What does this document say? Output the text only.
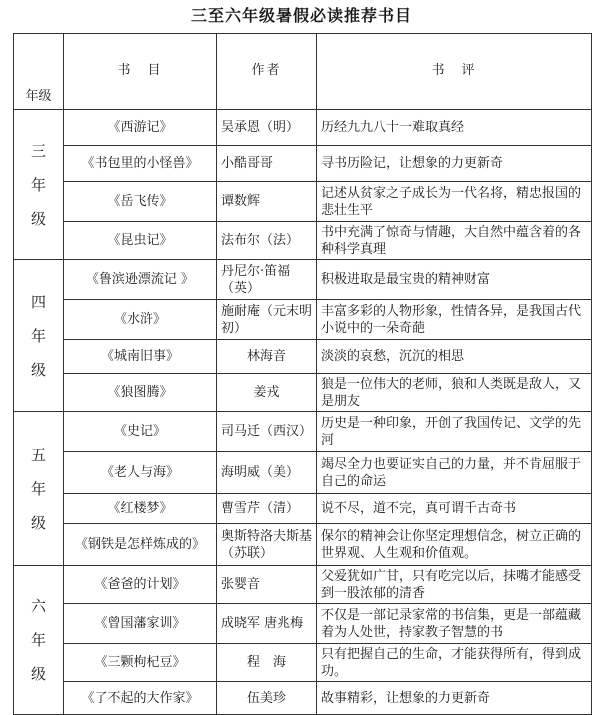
三至六年级暑假必读推荐书目
年级	书　目	作者	书　评

三
年
级	《西游记》	吴承恩（明）	历经九九八十一难取真经
	《书包里的小怪兽》	小酷哥哥	寻书历险记，让想象的力更新奇
	《岳飞传》	谭数辉	记述从贫家之子成长为一代名将，精忠报国的悲壮生平
	《昆虫记》	法布尔（法）	书中充满了惊奇与情趣，大自然中蕴含着的各种科学真理

四
年
级	《鲁滨逊漂流记 》	丹尼尔·笛福（英）	积极进取是最宝贵的精神财富
	《水浒》	施耐庵（元末明初）	丰富多彩的人物形象，性情各异，是我国古代小说中的一朵奇葩
	《城南旧事》	林海音	淡淡的哀愁，沉沉的相思
	《狼图腾》	姜戎	狼是一位伟大的老师，狼和人类既是敌人，又是朋友

五
年
级	《史记》	司马迁（西汉）	历史是一种印象，开创了我国传记、文学的先河
	《老人与海》	海明威（美）	竭尽全力也要证实自己的力量，并不肯屈服于自己的命运
	《红楼梦》	曹雪芹（清）	说不尽，道不完，真可谓千古奇书
	《钢铁是怎样炼成的》	奥斯特洛夫斯基（苏联）	保尔的精神会让你坚定理想信念，树立正确的世界观、人生观和价值观。

六
年
级	《爸爸的计划》	张婴音	父爱犹如广甘，只有吃完以后，抹嘴才能感受到一股浓郁的清香
	《曾国藩家训》	成晓军 唐兆梅	不仅是一部记录家常的书信集，更是一部蕴藏着为人处世，持家教子智慧的书
	《三颗枸杞豆》	程　海	只有把握自己的生命，才能获得所有，得到成功。
	《了不起的大作家》	伍美珍	故事精彩，让想象的力更新奇
